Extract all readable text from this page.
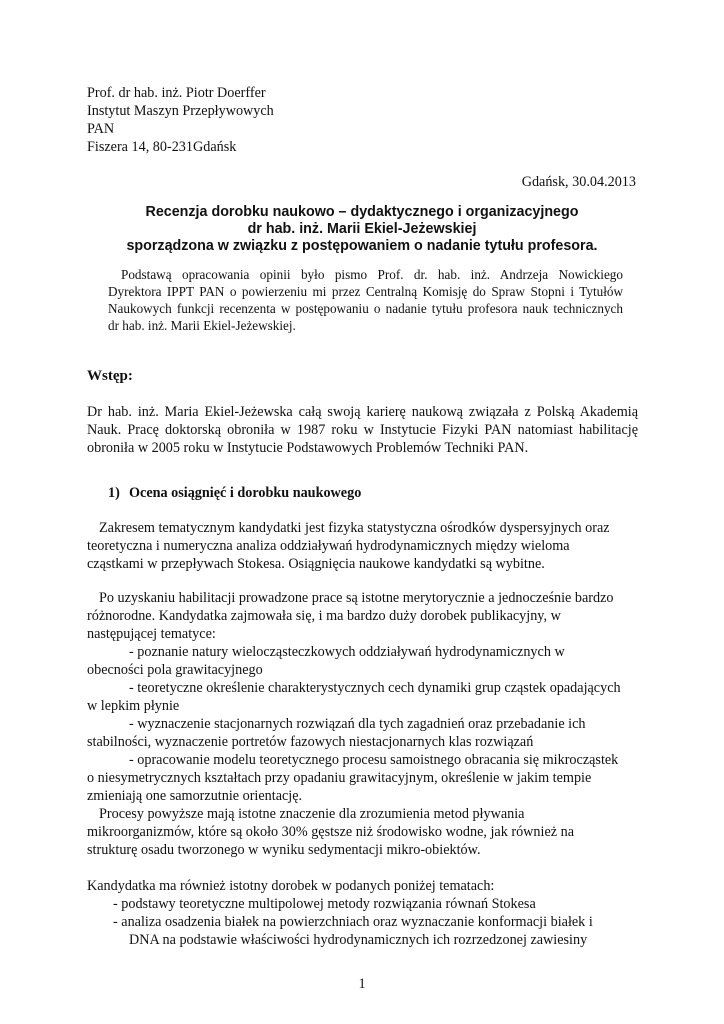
Prof. dr hab. inż. Piotr Doerffer
Instytut Maszyn Przepływowych
PAN
Fiszera 14, 80-231Gdańsk
Gdańsk, 30.04.2013
Recenzja dorobku naukowo – dydaktycznego i organizacyjnego
dr hab. inż. Marii Ekiel-Jeżewskiej
sporządzona w związku z postępowaniem o nadanie tytułu profesora.
Podstawą opracowania opinii było pismo Prof. dr. hab. inż. Andrzeja Nowickiego
Dyrektora IPPT PAN o powierzeniu mi przez Centralną Komisję do Spraw Stopni i Tytułów
Naukowych funkcji recenzenta w postępowaniu o nadanie tytułu profesora nauk technicznych
dr hab. inż. Marii Ekiel-Jeżewskiej.
Wstęp:
Dr hab. inż. Maria Ekiel-Jeżewska całą swoją karierę naukową związała z Polską Akademią
Nauk. Pracę doktorską obroniła w 1987 roku w Instytucie Fizyki PAN natomiast habilitację
obroniła w 2005 roku w Instytucie Podstawowych Problemów Techniki PAN.
1) Ocena osiągnięć i dorobku naukowego
Zakresem tematycznym kandydatki jest fizyka statystyczna ośrodków dyspersyjnych oraz
teoretyczna i numeryczna analiza oddziaływań hydrodynamicznych między wieloma
cząstkami w przepływach Stokesa. Osiągnięcia naukowe kandydatki są wybitne.
Po uzyskaniu habilitacji prowadzone prace są istotne merytorycznie a jednocześnie bardzo
różnorodne. Kandydatka zajmowała się, i ma bardzo duży dorobek publikacyjny, w
następującej tematyce:
- poznanie natury wielocząsteczkowych oddziaływań hydrodynamicznych w
obecności pola grawitacyjnego
- teoretyczne określenie charakterystycznych cech dynamiki grup cząstek opadających
w lepkim płynie
- wyznaczenie stacjonarnych rozwiązań dla tych zagadnień oraz przebadanie ich
stabilności, wyznaczenie portretów fazowych niestacjonarnych klas rozwiązań
- opracowanie modelu teoretycznego procesu samoistnego obracania się mikrocząstek
o niesymetrycznych kształtach przy opadaniu grawitacyjnym, określenie w jakim tempie
zmieniają one samorzutnie orientację.
Procesy powyższe mają istotne znaczenie dla zrozumienia metod pływania
mikroorganizmów, które są około 30% gęstsze niż środowisko wodne, jak również na
strukturę osadu tworzonego w wyniku sedymentacji mikro-obiektów.
Kandydatka ma również istotny dorobek w podanych poniżej tematach:
- podstawy teoretyczne multipolowej metody rozwiązania równań Stokesa
- analiza osadzenia białek na powierzchniach oraz wyznaczanie konformacji białek i
DNA na podstawie właściwości hydrodynamicznych ich rozrzedzonej zawiesiny
1
